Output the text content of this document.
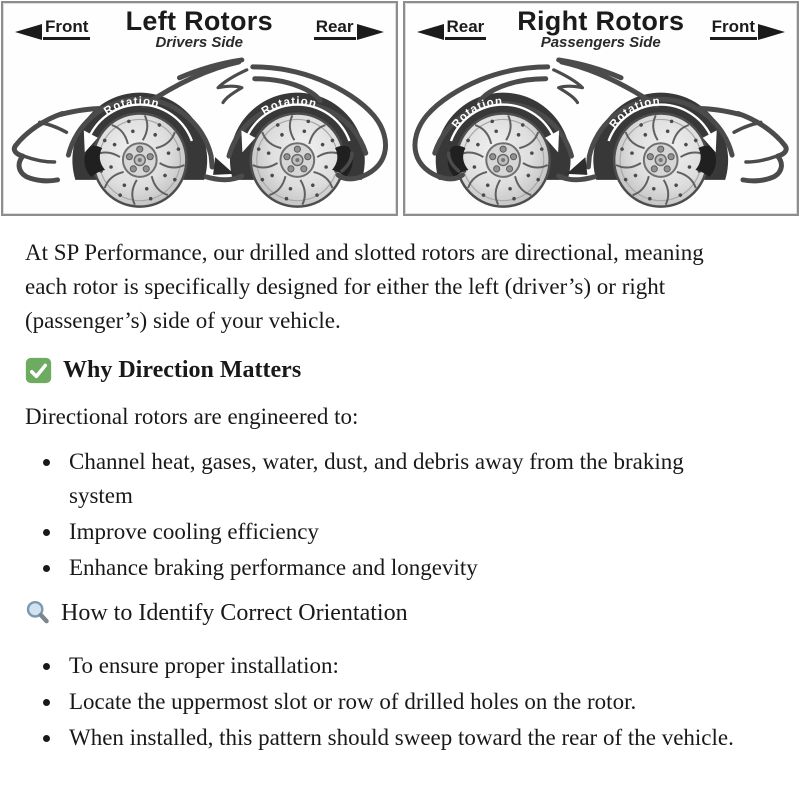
Front	Left Rotors
Drivers Side
Rear
Rotation	Rotation
Rear	Right Rotors
Passengers Side
Front
Rotation
Rotation

At SP Performance, our drilled and slotted rotors are directional, meaning each rotor is specifically designed for either the left (driver’s) or right (passenger’s) side of your vehicle.

Why Direction Matters

Directional rotors are engineered to:

• Channel heat, gases, water, dust, and debris away from the braking system
• Improve cooling efficiency
• Enhance braking performance and longevity
How to Identify Correct Orientation
• To ensure proper installation:
• Locate the uppermost slot or row of drilled holes on the rotor.
• When installed, this pattern should sweep toward the rear of the vehicle.
